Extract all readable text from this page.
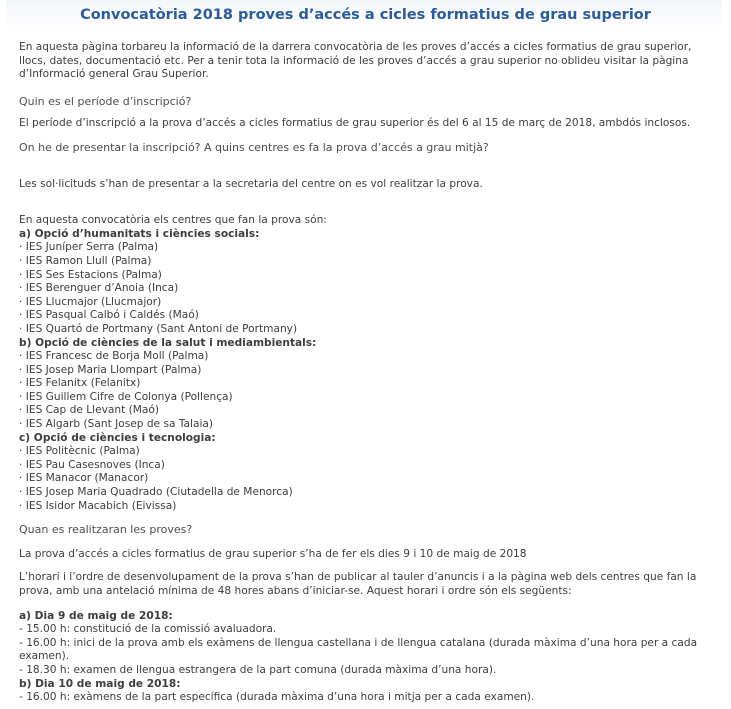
Convocatòria 2018 proves d’accés a cicles formatius de grau superior

En aquesta pàgina torbareu la informació de la darrera convocatòria de les proves d’accés a cicles formatius de grau superior, llocs, dates, documentació etc. Per a tenir tota la informació de les proves d’accés a grau superior no oblideu visitar la pàgina d’Informació general Grau Superior.

Quin es el període d’inscripció?

El període d’inscripció a la prova d’accés a cicles formatius de grau superior és del 6 al 15 de març de 2018, ambdós inclosos.

On he de presentar la inscripció? A quins centres es fa la prova d’accés a grau mitjà?

Les sol·licituds s’han de presentar a la secretaria del centre on es vol realitzar la prova.

En aquesta convocatòria els centres que fan la prova són:

a) Opció d’humanitats i ciències socials:

· IES Juníper Serra (Palma)
· IES Ramon Llull (Palma)
· IES Ses Estacions (Palma)
· IES Berenguer d’Anoia (Inca)
· IES Llucmajor (Llucmajor)
· IES Pasqual Calbó i Caldés (Maó)
· IES Quartó de Portmany (Sant Antoni de Portmany)

b) Opció de ciències de la salut i mediambientals:

· IES Francesc de Borja Moll (Palma)
· IES Josep Maria Llompart (Palma)
· IES Felanitx (Felanitx)
· IES Guillem Cifre de Colonya (Pollença)
· IES Cap de Llevant (Maó)
· IES Algarb (Sant Josep de sa Talaia)

c) Opció de ciències i tecnologia:

· IES Politècnic (Palma)
· IES Pau Casesnoves (Inca)
· IES Manacor (Manacor)
· IES Josep Maria Quadrado (Ciutadella de Menorca)
· IES Isidor Macabich (Eivissa)

Quan es realitzaran les proves?

La prova d’accés a cicles formatius de grau superior s’ha de fer els dies 9 i 10 de maig de 2018

L’horari i l’ordre de desenvolupament de la prova s’han de publicar al tauler d’anuncis i a la pàgina web dels centres que fan la prova, amb una antelació mínima de 48 hores abans d’iniciar-se. Aquest horari i ordre són els següents:

a) Dia 9 de maig de 2018:

- 15.00 h: constitució de la comissió avaluadora.

- 16.00 h: inici de la prova amb els exàmens de llengua castellana i de llengua catalana (durada màxima d’una hora per a cada examen).

- 18.30 h: examen de llengua estrangera de la part comuna (durada màxima d’una hora).

b) Dia 10 de maig de 2018:

- 16.00 h: exàmens de la part específica (durada màxima d’una hora i mitja per a cada examen).
